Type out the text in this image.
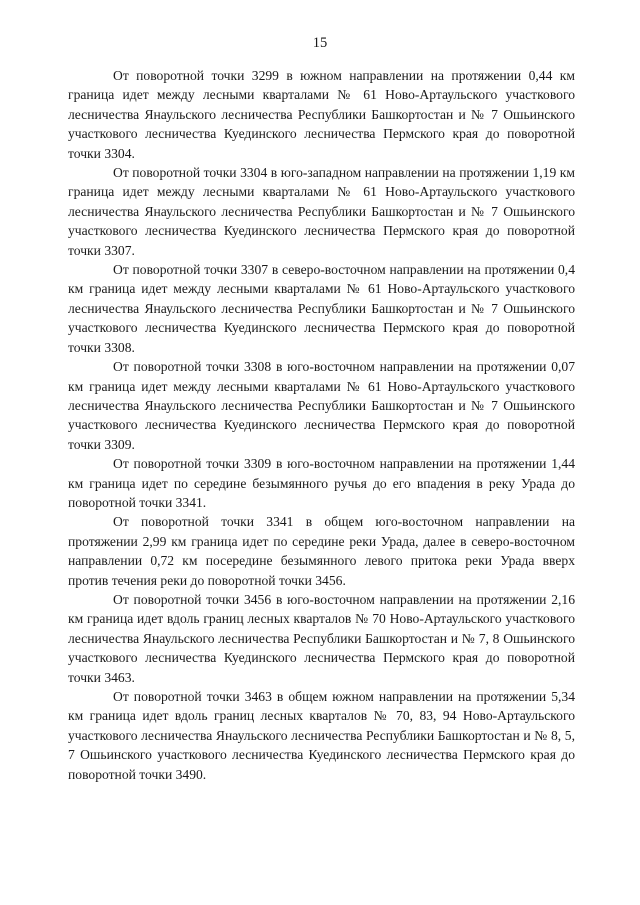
15

От поворотной точки 3299 в южном направлении на протяжении 0,44 км граница идет между лесными кварталами № 61 Ново-Артаульского участкового лесничества Янаульского лесничества Республики Башкортостан и № 7 Ошьинского участкового лесничества Куединского лесничества Пермского края до поворотной точки 3304.

От поворотной точки 3304 в юго-западном направлении на протяжении 1,19 км граница идет между лесными кварталами № 61 Ново-Артаульского участкового лесничества Янаульского лесничества Республики Башкортостан и № 7 Ошьинского участкового лесничества Куединского лесничества Пермского края до поворотной точки 3307.

От поворотной точки 3307 в северо-восточном направлении на протяжении 0,4 км граница идет между лесными кварталами № 61 Ново-Артаульского участкового лесничества Янаульского лесничества Республики Башкортостан и № 7 Ошьинского участкового лесничества Куединского лесничества Пермского края до поворотной точки 3308.

От поворотной точки 3308 в юго-восточном направлении на протяжении 0,07 км граница идет между лесными кварталами № 61 Ново-Артаульского участкового лесничества Янаульского лесничества Республики Башкортостан и № 7 Ошьинского участкового лесничества Куединского лесничества Пермского края до поворотной точки 3309.

От поворотной точки 3309 в юго-восточном направлении на протяжении 1,44 км граница идет по середине безымянного ручья до его впадения в реку Урада до поворотной точки 3341.

От поворотной точки 3341 в общем юго-восточном направлении на протяжении 2,99 км граница идет по середине реки Урада, далее в северо-восточном направлении 0,72 км посередине безымянного левого притока реки Урада вверх против течения реки до поворотной точки 3456.

От поворотной точки 3456 в юго-восточном направлении на протяжении 2,16 км граница идет вдоль границ лесных кварталов № 70 Ново-Артаульского участкового лесничества Янаульского лесничества Республики Башкортостан и № 7, 8 Ошьинского участкового лесничества Куединского лесничества Пермского края до поворотной точки 3463.

От поворотной точки 3463 в общем южном направлении на протяжении 5,34 км граница идет вдоль границ лесных кварталов № 70, 83, 94 Ново-Артаульского участкового лесничества Янаульского лесничества Республики Башкортостан и № 8, 5, 7 Ошьинского участкового лесничества Куединского лесничества Пермского края до поворотной точки 3490.
